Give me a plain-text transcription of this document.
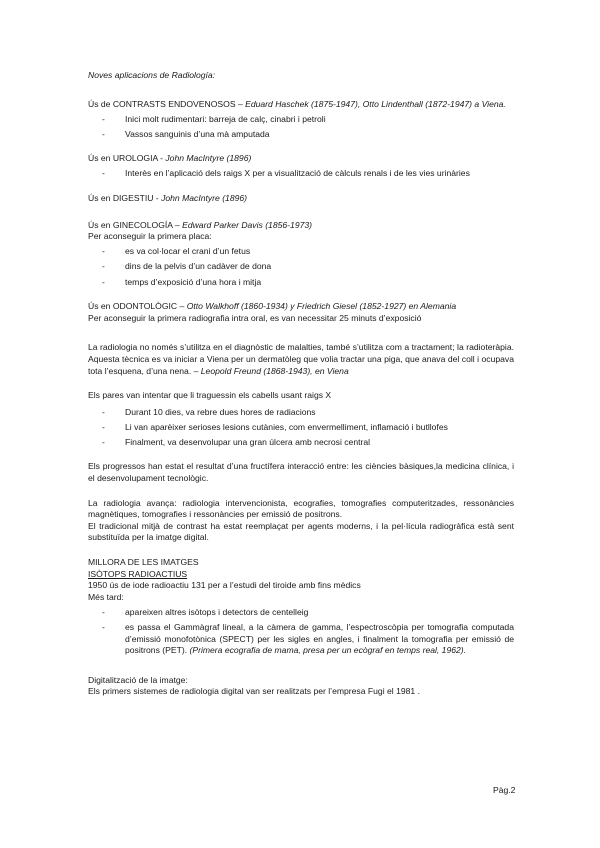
Noves aplicacions de Radiología:

Ús de CONTRASTS ENDOVENOSOS – Eduard Haschek (1875-1947), Otto Lindenthall (1872-1947) a Viena.

- Inici molt rudimentari: barreja de calç, cinabri i petroli
- Vassos sanguinis d’una mà amputada

Ús en UROLOGIA - John MacIntyre (1896)

- Interès en l’aplicació dels raigs X per a visualització de càlculs renals i de les vies urinàries

Ús en DIGESTIU - John MacIntyre (1896)

Ús en GINECOLOGÍA – Edward Parker Davis (1856-1973)

Per aconseguir la primera placa:

- es va col·locar el crani d’un fetus
- dins de la pelvis d’un cadàver de dona
- temps d’exposició d’una hora i mitja

Ús en ODONTOLÒGIC – Otto Walkhoff (1860-1934) y Friedrich Giesel (1852-1927) en Alemania

Per aconseguir la primera radiografia intra oral, es van necessitar 25 minuts d’exposició

La radiologia no només s’utilitza en el diagnòstic de malalties, també s’utilitza com a tractament; la radioteràpia. Aquesta tècnica es va iniciar a Viena per un dermatòleg que volia tractar una piga, que anava del coll i ocupava tota l’esquena, d’una nena. – Leopold Freund (1868-1943), en Viena

Els pares van intentar que li traguessin els cabells usant raigs X

- Durant 10 dies, va rebre dues hores de radiacions
- Li van aparèixer serioses lesions cutànies, com envermelliment, inflamació i butllofes
- Finalment, va desenvolupar una gran úlcera amb necrosi central

Els progressos han estat el resultat d’una fructífera interacció entre: les ciències bàsiques,la medicina clínica, i el desenvolupament tecnològic.

La radiologia avança: radiologia intervencionista, ecografies, tomografies computeritzades, ressonàncies magnètiques, tomografies i ressonàncies per emissió de positrons.

El tradicional mitjà de contrast ha estat reemplaçat per agents moderns, i la pel·lícula radiogràfica està sent substituïda per la imatge digital.

MILLORA DE LES IMATGES

ISÒTOPS RADIOACTIUS

1950 ús de iode radioactiu 131 per a l’estudi del tiroide amb fins mèdics

Més tard:

- apareixen altres isòtops i detectors de centelleig
- es passa el Gammàgraf lineal, a la càmera de gamma, l’espectroscòpia per tomografia computada d’emissió monofotònica (SPECT) per les sigles en angles, i finalment la tomografia per emissió de positrons (PET). (Primera ecografia de mama, presa per un ecògraf en temps real, 1962).

Digitalització de la imatge:

Els primers sistemes de radiologia digital van ser realitzats per l’empresa Fugi el 1981 .

Pàg.2
